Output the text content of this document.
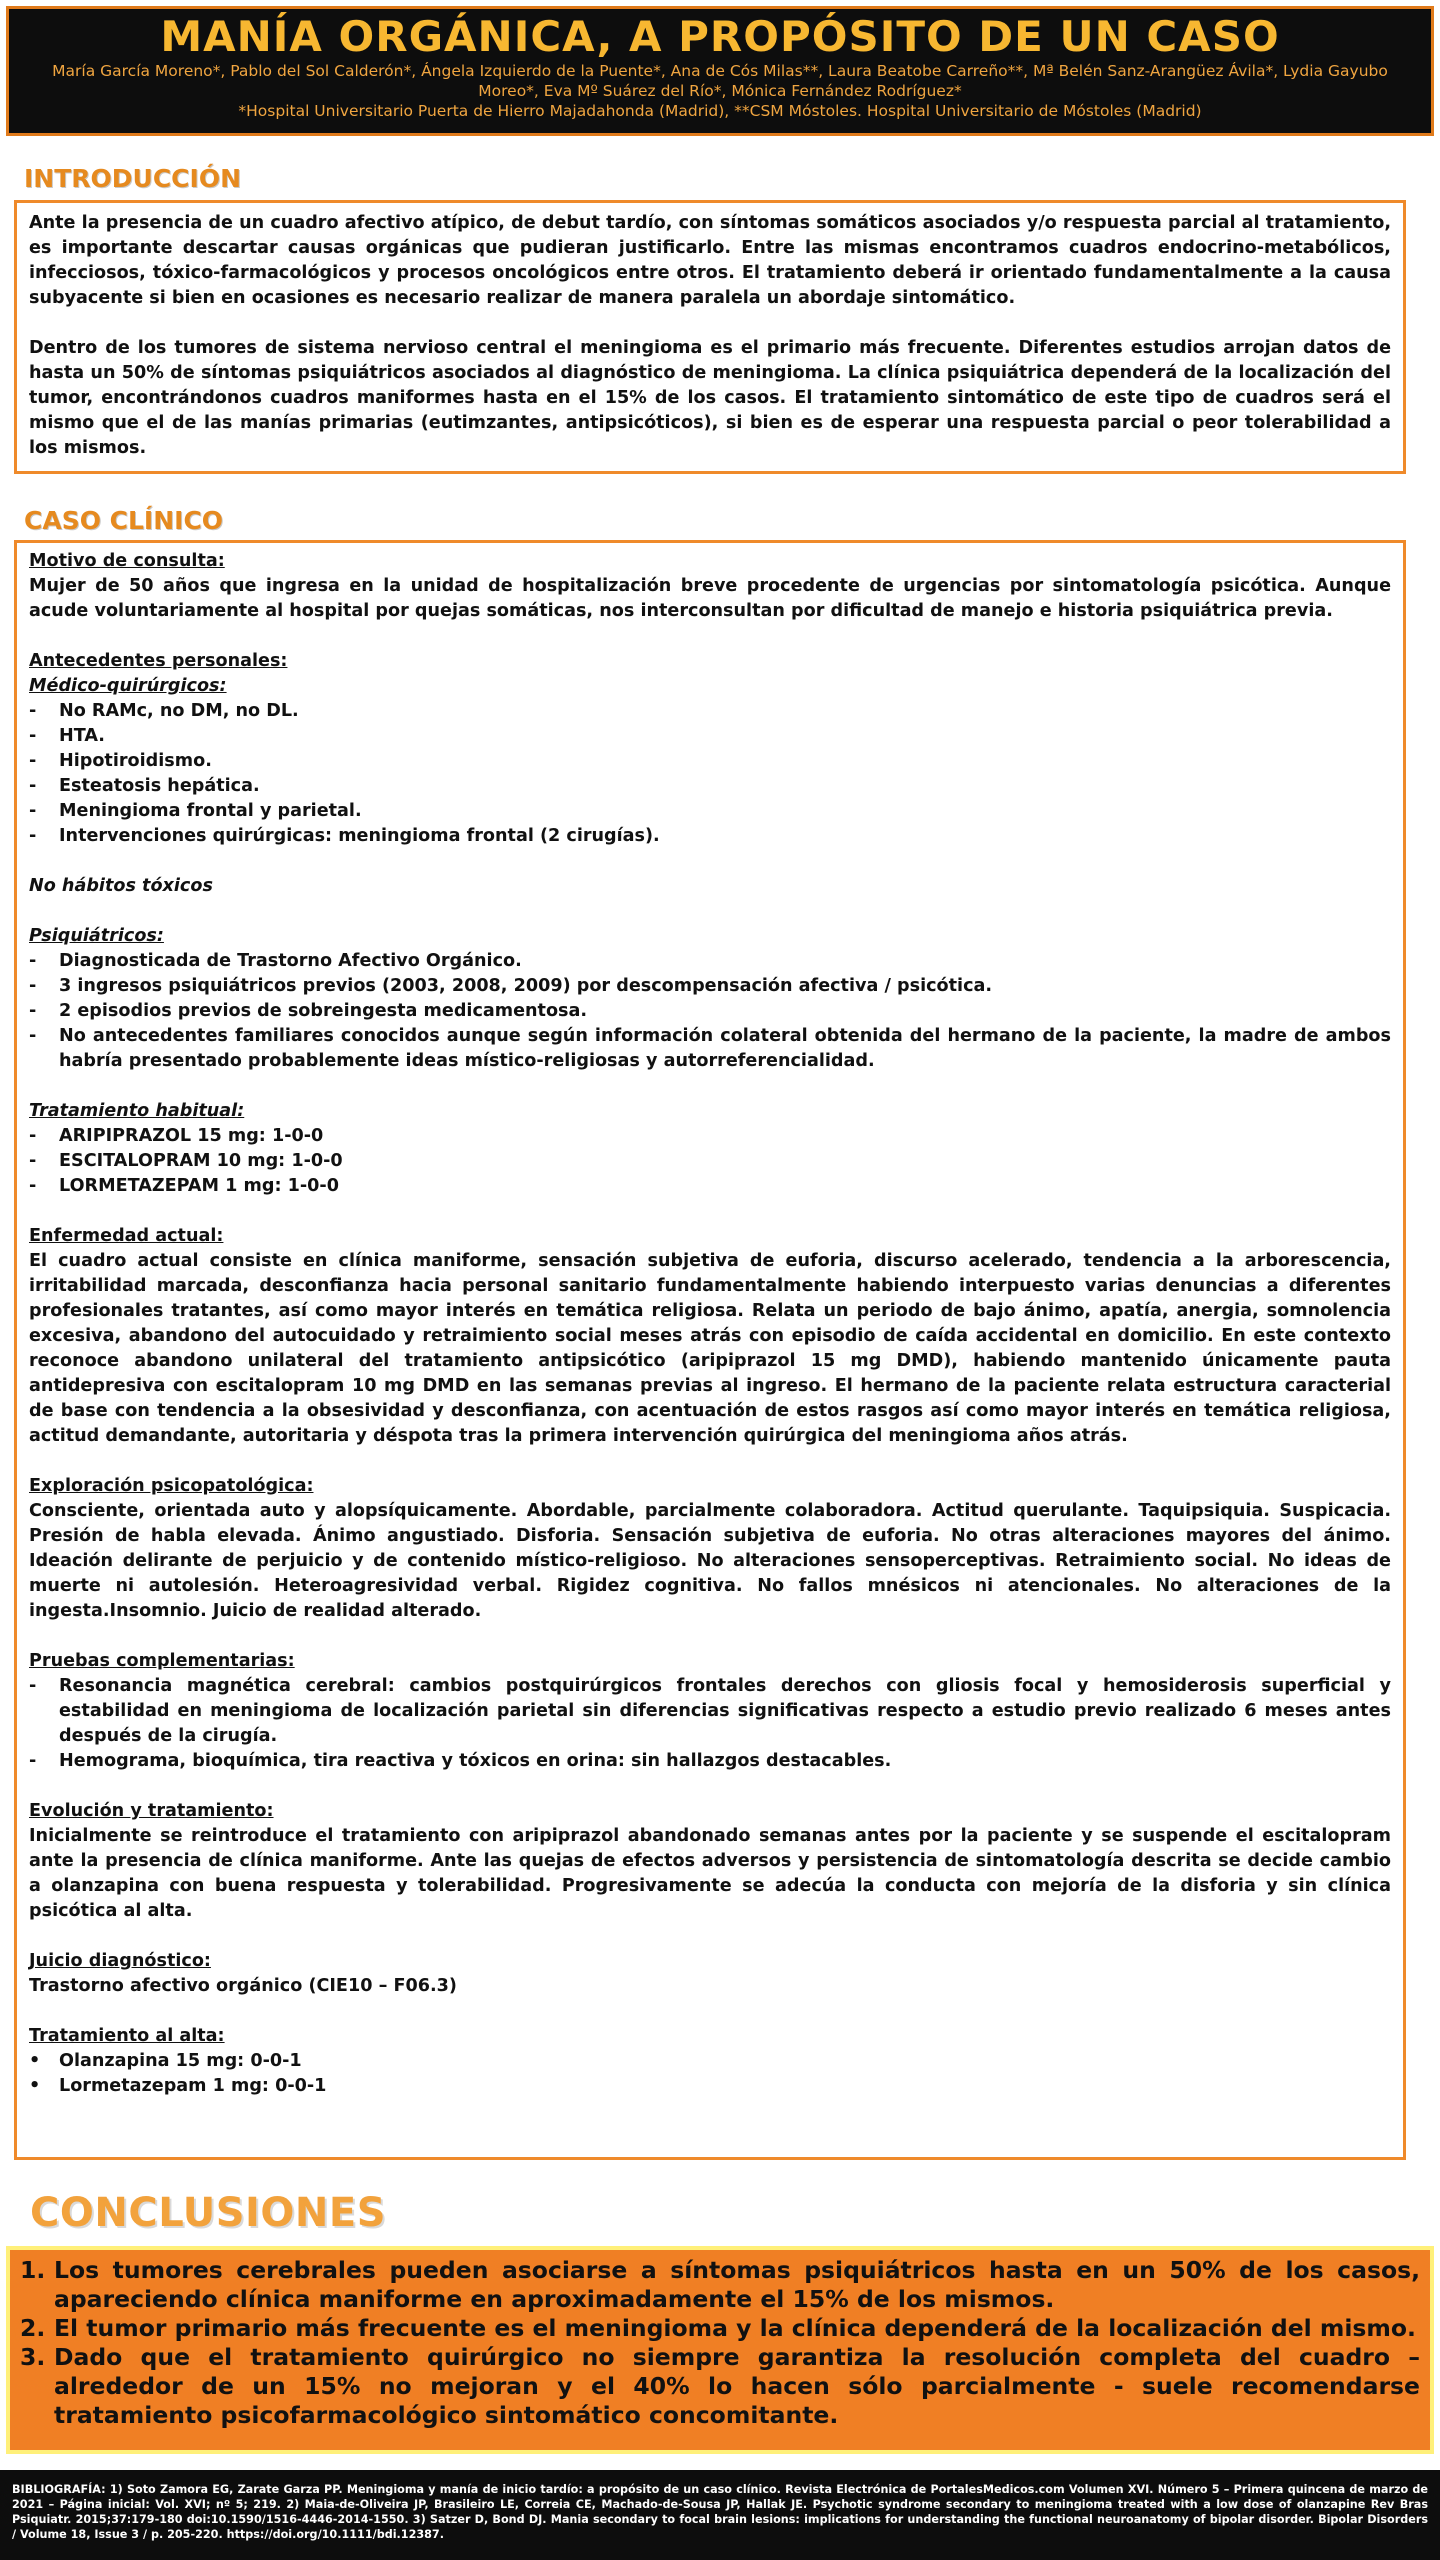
MANÍA ORGÁNICA, A PROPÓSITO DE UN CASO
María García Moreno*, Pablo del Sol Calderón*, Ángela Izquierdo de la Puente*, Ana de Cós Milas**, Laura Beatobe Carreño**, Mª Belén Sanz-Arangüez Ávila*, Lydia Gayubo Moreo*, Eva Mº Suárez del Río*, Mónica Fernández Rodríguez*
*Hospital Universitario Puerta de Hierro Majadahonda (Madrid), **CSM Móstoles. Hospital Universitario de Móstoles (Madrid)
INTRODUCCIÓN

Ante la presencia de un cuadro afectivo atípico, de debut tardío, con síntomas somáticos asociados y/o respuesta parcial al tratamiento, es importante descartar causas orgánicas que pudieran justificarlo. Entre las mismas encontramos cuadros endocrino-metabólicos, infecciosos, tóxico-farmacológicos y procesos oncológicos entre otros. El tratamiento deberá ir orientado fundamentalmente a la causa subyacente si bien en ocasiones es necesario realizar de manera paralela un abordaje sintomático.

Dentro de los tumores de sistema nervioso central el meningioma es el primario más frecuente. Diferentes estudios arrojan datos de hasta un 50% de síntomas psiquiátricos asociados al diagnóstico de meningioma. La clínica psiquiátrica dependerá de la localización del tumor, encontrándonos cuadros maniformes hasta en el 15% de los casos. El tratamiento sintomático de este tipo de cuadros será el mismo que el de las manías primarias (eutimzantes, antipsicóticos), si bien es de esperar una respuesta parcial o peor tolerabilidad a los mismos.

CASO CLÍNICO

Motivo de consulta:

Mujer de 50 años que ingresa en la unidad de hospitalización breve procedente de urgencias por sintomatología psicótica. Aunque acude voluntariamente al hospital por quejas somáticas, nos interconsultan por dificultad de manejo e historia psiquiátrica previa.

Antecedentes personales:

Médico-quirúrgicos:

- No RAMc, no DM, no DL.
- HTA.
- Hipotiroidismo.
- Esteatosis hepática.
- Meningioma frontal y parietal.
- Intervenciones quirúrgicas: meningioma frontal (2 cirugías).

No hábitos tóxicos

Psiquiátricos:

- Diagnosticada de Trastorno Afectivo Orgánico.
- 3 ingresos psiquiátricos previos (2003, 2008, 2009) por descompensación afectiva / psicótica.
- 2 episodios previos de sobreingesta medicamentosa.
- No antecedentes familiares conocidos aunque según información colateral obtenida del hermano de la paciente, la madre de ambos habría presentado probablemente ideas místico-religiosas y autorreferencialidad.

Tratamiento habitual:

- ARIPIPRAZOL 15 mg: 1-0-0
- ESCITALOPRAM 10 mg: 1-0-0
- LORMETAZEPAM 1 mg: 1-0-0

Enfermedad actual:

El cuadro actual consiste en clínica maniforme, sensación subjetiva de euforia, discurso acelerado, tendencia a la arborescencia, irritabilidad marcada, desconfianza hacia personal sanitario fundamentalmente habiendo interpuesto varias denuncias a diferentes profesionales tratantes, así como mayor interés en temática religiosa. Relata un periodo de bajo ánimo, apatía, anergia, somnolencia excesiva, abandono del autocuidado y retraimiento social meses atrás con episodio de caída accidental en domicilio. En este contexto reconoce abandono unilateral del tratamiento antipsicótico (aripiprazol 15 mg DMD), habiendo mantenido únicamente pauta antidepresiva con escitalopram 10 mg DMD en las semanas previas al ingreso. El hermano de la paciente relata estructura caracterial de base con tendencia a la obsesividad y desconfianza, con acentuación de estos rasgos así como mayor interés en temática religiosa, actitud demandante, autoritaria y déspota tras la primera intervención quirúrgica del meningioma años atrás.

Exploración psicopatológica:

Consciente, orientada auto y alopsíquicamente. Abordable, parcialmente colaboradora. Actitud querulante. Taquipsiquia. Suspicacia. Presión de habla elevada. Ánimo angustiado. Disforia. Sensación subjetiva de euforia. No otras alteraciones mayores del ánimo. Ideación delirante de perjuicio y de contenido místico-religioso. No alteraciones sensoperceptivas. Retraimiento social. No ideas de muerte ni autolesión. Heteroagresividad verbal. Rigidez cognitiva. No fallos mnésicos ni atencionales. No alteraciones de la ingesta.Insomnio. Juicio de realidad alterado.

Pruebas complementarias:

- Resonancia magnética cerebral: cambios postquirúrgicos frontales derechos con gliosis focal y hemosiderosis superficial y estabilidad en meningioma de localización parietal sin diferencias significativas respecto a estudio previo realizado 6 meses antes después de la cirugía.
- Hemograma, bioquímica, tira reactiva y tóxicos en orina: sin hallazgos destacables.

Evolución y tratamiento:

Inicialmente se reintroduce el tratamiento con aripiprazol abandonado semanas antes por la paciente y se suspende el escitalopram ante la presencia de clínica maniforme. Ante las quejas de efectos adversos y persistencia de sintomatología descrita se decide cambio a olanzapina con buena respuesta y tolerabilidad. Progresivamente se adecúa la conducta con mejoría de la disforia y sin clínica psicótica al alta.

Juicio diagnóstico:

Trastorno afectivo orgánico (CIE10 – F06.3)

Tratamiento al alta:

• Olanzapina 15 mg: 0-0-1
• Lormetazepam 1 mg: 0-0-1
CONCLUSIONES
1. Los tumores cerebrales pueden asociarse a síntomas psiquiátricos hasta en un 50% de los casos, apareciendo clínica maniforme en aproximadamente el 15% de los mismos.
2. El tumor primario más frecuente es el meningioma y la clínica dependerá de la localización del mismo.
3. Dado que el tratamiento quirúrgico no siempre garantiza la resolución completa del cuadro – alrededor de un 15% no mejoran y el 40% lo hacen sólo parcialmente - suele recomendarse tratamiento psicofarmacológico sintomático concomitante.
BIBLIOGRAFÍA: 1) Soto Zamora EG, Zarate Garza PP. Meningioma y manía de inicio tardío: a propósito de un caso clínico. Revista Electrónica de PortalesMedicos.com Volumen XVI. Número 5 – Primera quincena de marzo de 2021 – Página inicial: Vol. XVI; nº 5; 219. 2) Maia-de-Oliveira JP, Brasileiro LE, Correia CE, Machado-de-Sousa JP, Hallak JE. Psychotic syndrome secondary to meningioma treated with a low dose of olanzapine Rev Bras Psiquiatr. 2015;37:179-180 doi:10.1590/1516-4446-2014-1550. 3) Satzer D, Bond DJ. Mania secondary to focal brain lesions: implications for understanding the functional neuroanatomy of bipolar disorder. Bipolar Disorders / Volume 18, Issue 3 / p. 205-220. https://doi.org/10.1111/bdi.12387.
